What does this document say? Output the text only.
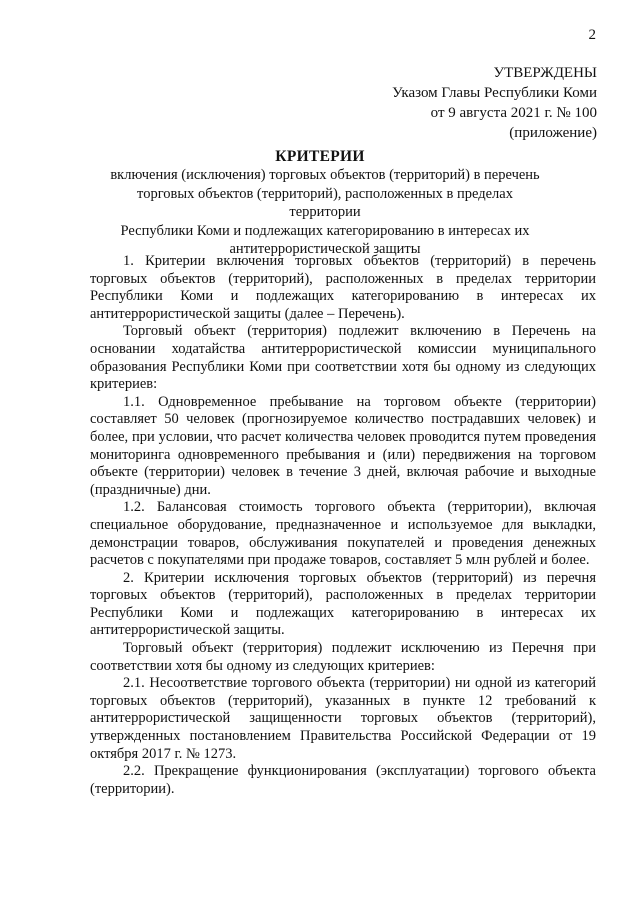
2
УТВЕРЖДЕНЫ
Указом Главы Республики Коми
от 9 августа 2021 г. № 100
(приложение)
КРИТЕРИИ
включения (исключения) торговых объектов (территорий) в перечень
торговых объектов (территорий), расположенных в пределах территории
Республики Коми и подлежащих категорированию в интересах их
антитеррористической защиты

1. Критерии включения торговых объектов (территорий) в перечень торговых объектов (территорий), расположенных в пределах территории Республики Коми и подлежащих категорированию в интересах их антитеррористической защиты (далее – Перечень).

Торговый объект (территория) подлежит включению в Перечень на основании ходатайства антитеррористической комиссии муниципального образования Республики Коми при соответствии хотя бы одному из следующих критериев:

1.1. Одновременное пребывание на торговом объекте (территории) составляет 50 человек (прогнозируемое количество пострадавших человек) и более, при условии, что расчет количества человек проводится путем проведения мониторинга одновременного пребывания и (или) передвижения на торговом объекте (территории) человек в течение 3 дней, включая рабочие и выходные (праздничные) дни.

1.2. Балансовая стоимость торгового объекта (территории), включая специальное оборудование, предназначенное и используемое для выкладки, демонстрации товаров, обслуживания покупателей и проведения денежных расчетов с покупателями при продаже товаров, составляет 5 млн рублей и более.

2. Критерии исключения торговых объектов (территорий) из перечня торговых объектов (территорий), расположенных в пределах территории Республики Коми и подлежащих категорированию в интересах их антитеррористической защиты.

Торговый объект (территория) подлежит исключению из Перечня при соответствии хотя бы одному из следующих критериев:

2.1. Несоответствие торгового объекта (территории) ни одной из категорий торговых объектов (территорий), указанных в пункте 12 требований к антитеррористической защищенности торговых объектов (территорий), утвержденных постановлением Правительства Российской Федерации от 19 октября 2017 г. № 1273.

2.2. Прекращение функционирования (эксплуатации) торгового объекта (территории).
